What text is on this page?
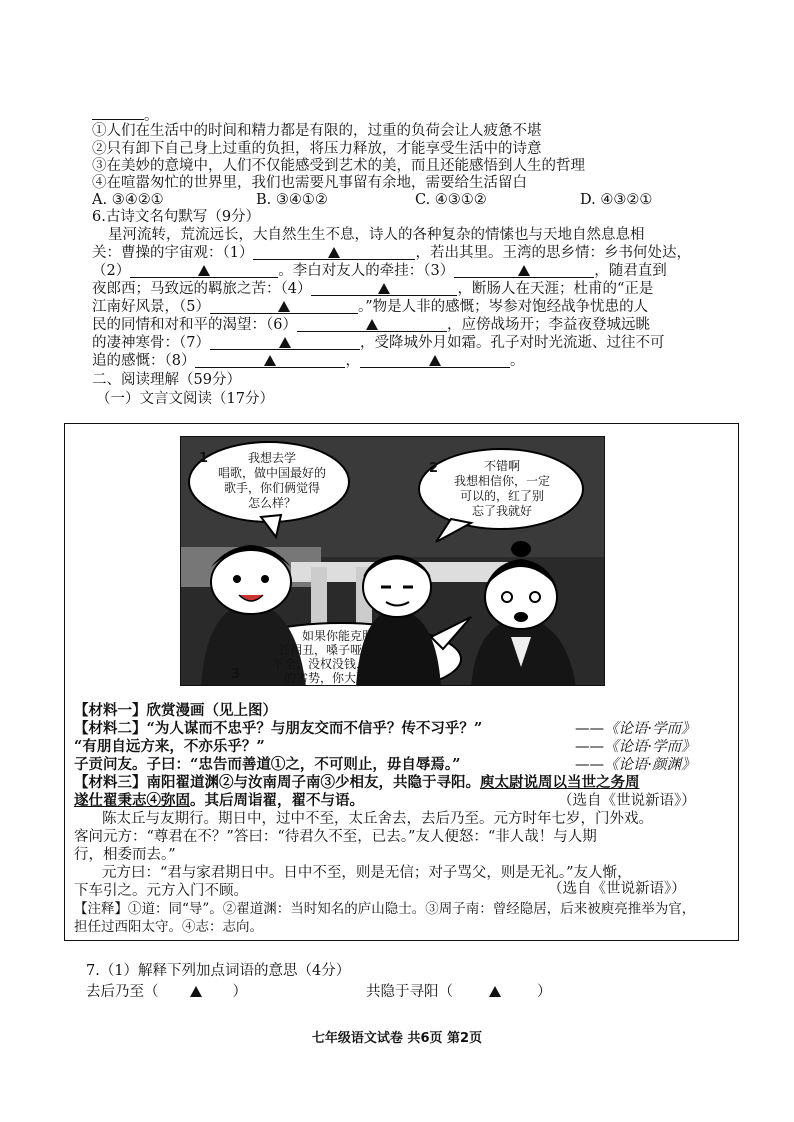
。
①人们在生活中的时间和精力都是有限的，过重的负荷会让人疲惫不堪
②只有卸下自己身上过重的负担，将压力释放，才能享受生活中的诗意
③在美妙的意境中，人们不仅能感受到艺术的美，而且还能感悟到人生的哲理
④在喧嚣匆忙的世界里，我们也需要凡事留有余地，需要给生活留白
A. ③④②①	B. ③④①②	C. ④③①②	D. ④③②①
6.古诗文名句默写（9分）
星河流转，荒流远长，大自然生生不息，诗人的各种复杂的情愫也与天地自然息息相
关：曹操的宇宙观：（1）	，若出其里。王湾的思乡情：乡书何处达，
（2）	。李白对友人的牵挂：（3）	，随君直到
夜郎西；马致远的羁旅之苦：（4）	，断肠人在天涯；杜甫的“正是
江南好风景，（5）	。”物是人非的感慨；岑参对饱经战争忧患的人
民的同情和对和平的渴望：（6）	，应傍战场开；李益夜登城远眺
的凄神寒骨：（7）	，受降城外月如霜。孔子对时光流逝、过往不可
追的感慨：（8）	，	。
二、阅读理解（59分）
（一）文言文阅读（17分）
1	我想去学
唱歌，做中国最好的
歌手，你们俩觉得
怎么样？
2	不错啊
我想相信你，一定
可以的，红了别
忘了我就好
3
如果你能克服
长相丑，嗓子哑，五音
不全，没权没钱，没地位
的劣势，你大可一试
【材料一】欣赏漫画（见上图）
【材料二】“为人谋而不忠乎？与朋友交而不信乎？传不习乎？”	——《论语·学而》
“有朋自远方来，不亦乐乎？”	——《论语·学而》
子贡问友。子曰：“忠告而善道①之，不可则止，毋自辱焉。”	——《论语·颜渊》
【材料三】南阳翟道渊②与汝南周子南③少相友，共隐于寻阳。庾太尉说周以当世之务周
遂仕翟秉志④弥固。其后周诣翟，翟不与语。	（选自《世说新语》）
陈太丘与友期行。期日中，过中不至，太丘舍去，去后乃至。元方时年七岁，门外戏。
客问元方：“尊君在不？”答曰：“待君久不至，已去。”友人便怒：“非人哉！与人期
行，相委而去。”
元方曰：“君与家君期日中。日中不至，则是无信；对子骂父，则是无礼。”友人惭，
下车引之。元方入门不顾。	（选自《世说新语》）
【注释】①道：同“导”。②翟道渊：当时知名的庐山隐士。③周子南：曾经隐居，后来被庾亮推举为官，
担任过西阳太守。④志：志向。
7.（1）解释下列加点词语的意思（4分）
去后乃至（	）	共隐于寻阳（	）
七年级语文试卷 共6页 第2页
